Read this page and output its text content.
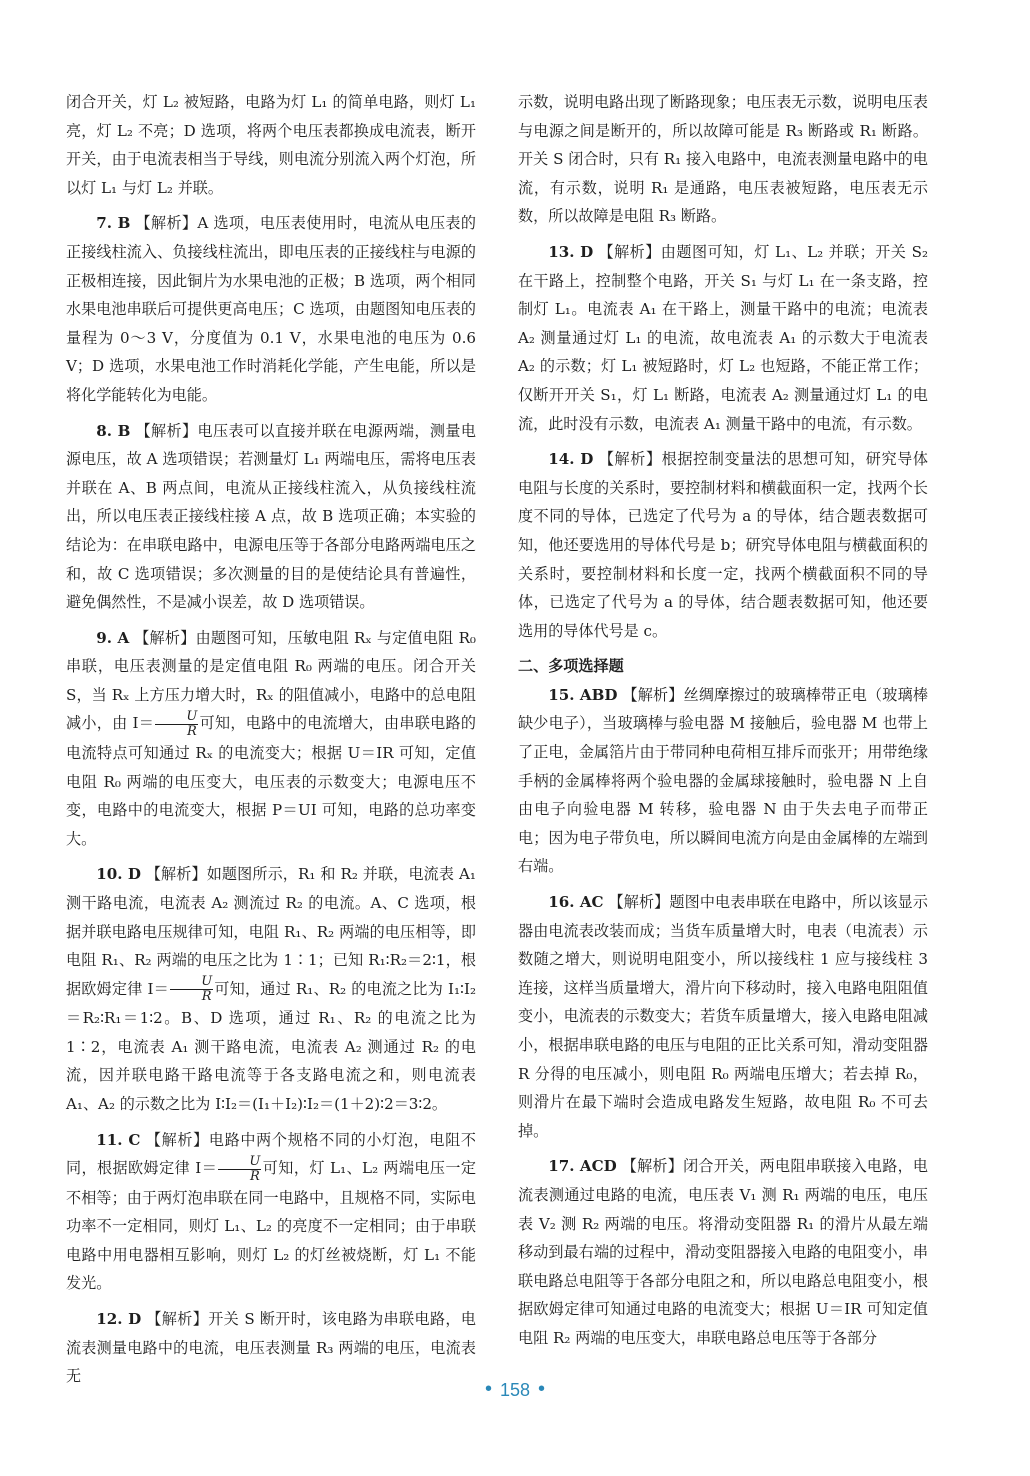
闭合开关，灯 L₂ 被短路，电路为灯 L₁ 的简单电路，则灯 L₁ 亮，灯 L₂ 不亮；D 选项，将两个电压表都换成电流表，断开开关，由于电流表相当于导线，则电流分别流入两个灯泡，所以灯 L₁ 与灯 L₂ 并联。

7. B 【解析】A 选项，电压表使用时，电流从电压表的正接线柱流入、负接线柱流出，即电压表的正接线柱与电源的正极相连接，因此铜片为水果电池的正极；B 选项，两个相同水果电池串联后可提供更高电压；C 选项，由题图知电压表的量程为 0～3 V，分度值为 0.1 V，水果电池的电压为 0.6 V；D 选项，水果电池工作时消耗化学能，产生电能，所以是将化学能转化为电能。

8. B 【解析】电压表可以直接并联在电源两端，测量电源电压，故 A 选项错误；若测量灯 L₁ 两端电压，需将电压表并联在 A、B 两点间，电流从正接线柱流入，从负接线柱流出，所以电压表正接线柱接 A 点，故 B 选项正确；本实验的结论为：在串联电路中，电源电压等于各部分电路两端电压之和，故 C 选项错误；多次测量的目的是使结论具有普遍性，避免偶然性，不是减小误差，故 D 选项错误。

9. A 【解析】由题图可知，压敏电阻 Rₓ 与定值电阻 R₀ 串联，电压表测量的是定值电阻 R₀ 两端的电压。闭合开关 S，当 Rₓ 上方压力增大时，Rₓ 的阻值减小，电路中的总电阻减小，由 $I= \frac{U}{R}$ 可知，电路中的电流增大，由串联电路的电流特点可知通过 Rₓ 的电流变大；根据 U＝IR 可知，定值电阻 R₀ 两端的电压变大，电压表的示数变大；电源电压不变，电路中的电流变大，根据 P＝UI 可知，电路的总功率变大。

10. D 【解析】如题图所示，R₁ 和 R₂ 并联，电流表 A₁ 测干路电流，电流表 A₂ 测流过 R₂ 的电流。A、C 选项，根据并联电路电压规律可知，电阻 R₁、R₂ 两端的电压相等，即电阻 R₁、R₂ 两端的电压之比为 1∶1；已知 R₁∶R₂＝2∶1，根据欧姆定律 $I= \frac{U}{R}$ 可知，通过 R₁、R₂ 的电流之比为 I₁∶I₂＝R₂∶R₁＝1∶2。B、D 选项，通过 R₁、R₂ 的电流之比为 1∶2，电流表 A₁ 测干路电流，电流表 A₂ 测通过 R₂ 的电流，因并联电路干路电流等于各支路电流之和，则电流表 A₁、A₂ 的示数之比为 I∶I₂＝(I₁＋I₂)∶I₂＝(1＋2)∶2＝3∶2。

11. C 【解析】电路中两个规格不同的小灯泡，电阻不同，根据欧姆定律 $I= \frac{U}{R}$ 可知，灯 L₁、L₂ 两端电压一定不相等；由于两灯泡串联在同一电路中，且规格不同，实际电功率不一定相同，则灯 L₁、L₂ 的亮度不一定相同；由于串联电路中用电器相互影响，则灯 L₂ 的灯丝被烧断，灯 L₁ 不能发光。

12. D 【解析】开关 S 断开时，该电路为串联电路，电流表测量电路中的电流，电压表测量 R₃ 两端的电压，电流表无

示数，说明电路出现了断路现象；电压表无示数，说明电压表与电源之间是断开的，所以故障可能是 R₃ 断路或 R₁ 断路。开关 S 闭合时，只有 R₁ 接入电路中，电流表测量电路中的电流，有示数，说明 R₁ 是通路，电压表被短路，电压表无示数，所以故障是电阻 R₃ 断路。

13. D 【解析】由题图可知，灯 L₁、L₂ 并联；开关 S₂ 在干路上，控制整个电路，开关 S₁ 与灯 L₁ 在一条支路，控制灯 L₁。电流表 A₁ 在干路上，测量干路中的电流；电流表 A₂ 测量通过灯 L₁ 的电流，故电流表 A₁ 的示数大于电流表 A₂ 的示数；灯 L₁ 被短路时，灯 L₂ 也短路，不能正常工作；仅断开开关 S₁，灯 L₁ 断路，电流表 A₂ 测量通过灯 L₁ 的电流，此时没有示数，电流表 A₁ 测量干路中的电流，有示数。

14. D 【解析】根据控制变量法的思想可知，研究导体电阻与长度的关系时，要控制材料和横截面积一定，找两个长度不同的导体，已选定了代号为 a 的导体，结合题表数据可知，他还要选用的导体代号是 b；研究导体电阻与横截面积的关系时，要控制材料和长度一定，找两个横截面积不同的导体，已选定了代号为 a 的导体，结合题表数据可知，他还要选用的导体代号是 c。

二、多项选择题

15. ABD 【解析】丝绸摩擦过的玻璃棒带正电（玻璃棒缺少电子），当玻璃棒与验电器 M 接触后，验电器 M 也带上了正电，金属箔片由于带同种电荷相互排斥而张开；用带绝缘手柄的金属棒将两个验电器的金属球接触时，验电器 N 上自由电子向验电器 M 转移，验电器 N 由于失去电子而带正电；因为电子带负电，所以瞬间电流方向是由金属棒的左端到右端。

16. AC 【解析】题图中电表串联在电路中，所以该显示器由电流表改装而成；当货车质量增大时，电表（电流表）示数随之增大，则说明电阻变小，所以接线柱 1 应与接线柱 3 连接，这样当质量增大，滑片向下移动时，接入电路电阻阻值变小，电流表的示数变大；若货车质量增大，接入电路电阻减小，根据串联电路的电压与电阻的正比关系可知，滑动变阻器 R 分得的电压减小，则电阻 R₀ 两端电压增大；若去掉 R₀，则滑片在最下端时会造成电路发生短路，故电阻 R₀ 不可去掉。

17. ACD 【解析】闭合开关，两电阻串联接入电路，电流表测通过电路的电流，电压表 V₁ 测 R₁ 两端的电压，电压表 V₂ 测 R₂ 两端的电压。将滑动变阻器 R₁ 的滑片从最左端移动到最右端的过程中，滑动变阻器接入电路的电阻变小，串联电路总电阻等于各部分电阻之和，所以电路总电阻变小，根据欧姆定律可知通过电路的电流变大；根据 U＝IR 可知定值电阻 R₂ 两端的电压变大，串联电路总电压等于各部分

• 158 •
